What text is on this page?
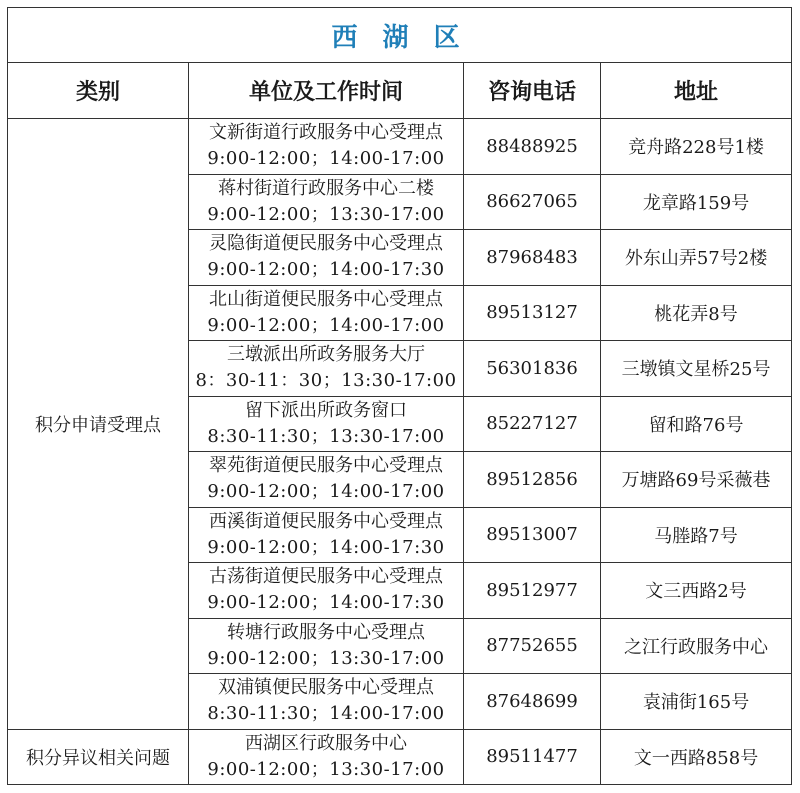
西 湖 区			
类别	单位及工作时间	咨询电话	地址
积分申请受理点	文新街道行政服务中心受理点
9:00-12:00；14:00-17:00	88488925	竞舟路228号1楼

	蒋村街道行政服务中心二楼
9:00-12:00；13:30-17:00	86627065	龙章路159号

	灵隐街道便民服务中心受理点
9:00-12:00；14:00-17:30	87968483	外东山弄57号2楼

	北山街道便民服务中心受理点
9:00-12:00；14:00-17:00	89513127	桃花弄8号

	三墩派出所政务服务大厅
8：30-11：30；13:30-17:00	56301836	三墩镇文星桥25号

	留下派出所政务窗口
8:30-11:30；13:30-17:00	85227127	留和路76号

	翠苑街道便民服务中心受理点
9:00-12:00；14:00-17:00	89512856	万塘路69号采薇巷

	西溪街道便民服务中心受理点
9:00-12:00；14:00-17:30	89513007	马塍路7号

	古荡街道便民服务中心受理点
9:00-12:00；14:00-17:30	89512977	文三西路2号

	转塘行政服务中心受理点
9:00-12:00；13:30-17:00	87752655	之江行政服务中心

	双浦镇便民服务中心受理点
8:30-11:30；14:00-17:00	87648699	袁浦街165号
积分异议相关问题	西湖区行政服务中心
9:00-12:00；13:30-17:00	89511477	文一西路858号
